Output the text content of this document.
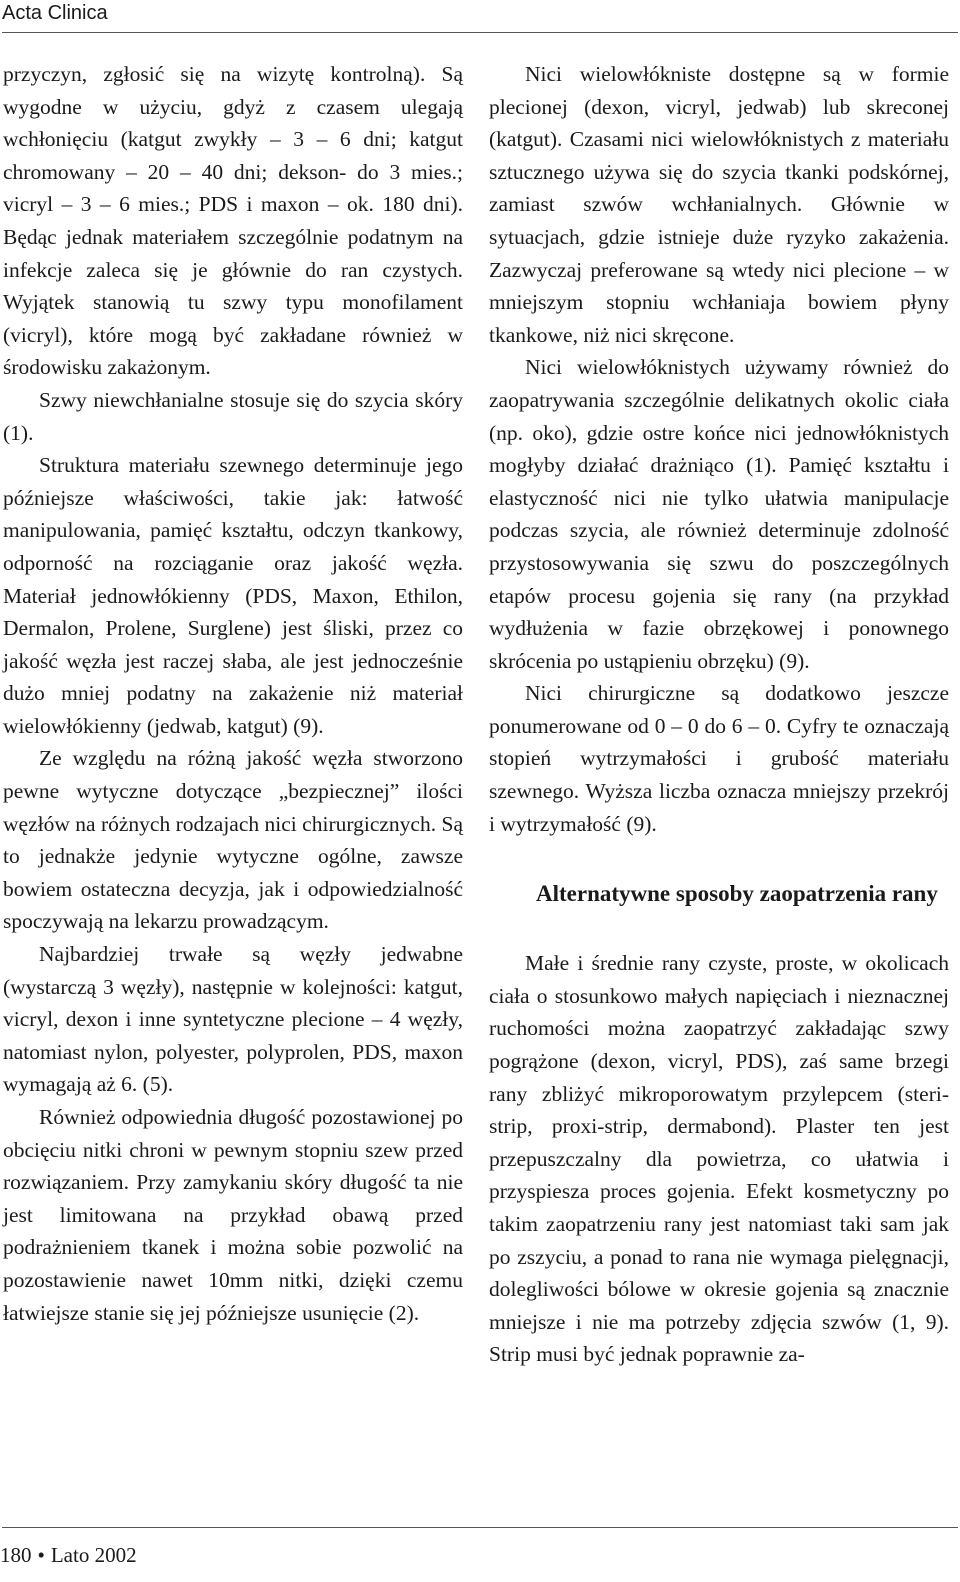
Acta Clinica

przyczyn, zgłosić się na wizytę kontrolną). Są wygodne w użyciu, gdyż z czasem ulegają wchłonięciu (katgut zwykły – 3 – 6 dni; katgut chromowany – 20 – 40 dni; dekson- do 3 mies.; vicryl – 3 – 6 mies.; PDS i maxon – ok. 180 dni). Będąc jednak materiałem szczególnie podatnym na infekcje zaleca się je głównie do ran czystych. Wyjątek stanowią tu szwy typu monofilament (vicryl), które mogą być zakładane również w środowisku zakażonym.

Szwy niewchłanialne stosuje się do szycia skóry (1).

Struktura materiału szewnego determinuje jego późniejsze właściwości, takie jak: łatwość manipulowania, pamięć kształtu, odczyn tkankowy, odporność na rozciąganie oraz jakość węzła. Materiał jednowłókienny (PDS, Maxon, Ethilon, Dermalon, Prolene, Surglene) jest śliski, przez co jakość węzła jest raczej słaba, ale jest jednocześnie dużo mniej podatny na zakażenie niż materiał wielowłókienny (jedwab, katgut) (9).

Ze względu na różną jakość węzła stworzono pewne wytyczne dotyczące „bezpiecznej” ilości węzłów na różnych rodzajach nici chirurgicznych. Są to jednakże jedynie wytyczne ogólne, zawsze bowiem ostateczna decyzja, jak i odpowiedzialność spoczywają na lekarzu prowadzącym.

Najbardziej trwałe są węzły jedwabne (wystarczą 3 węzły), następnie w kolejności: katgut, vicryl, dexon i inne syntetyczne plecione – 4 węzły, natomiast nylon, polyester, polyprolen, PDS, maxon wymagają aż 6. (5).

Również odpowiednia długość pozostawionej po obcięciu nitki chroni w pewnym stopniu szew przed rozwiązaniem. Przy zamykaniu skóry długość ta nie jest limitowana na przykład obawą przed podrażnieniem tkanek i można sobie pozwolić na pozostawienie nawet 10mm nitki, dzięki czemu łatwiejsze stanie się jej późniejsze usunięcie (2).

Nici wielowłókniste dostępne są w formie plecionej (dexon, vicryl, jedwab) lub skreconej (katgut). Czasami nici wielowłóknistych z materiału sztucznego używa się do szycia tkanki podskórnej, zamiast szwów wchłanialnych. Głównie w sytuacjach, gdzie istnieje duże ryzyko zakażenia. Zazwyczaj preferowane są wtedy nici plecione – w mniejszym stopniu wchłaniaja bowiem płyny tkankowe, niż nici skręcone.

Nici wielowłóknistych używamy również do zaopatrywania szczególnie delikatnych okolic ciała (np. oko), gdzie ostre końce nici jednowłóknistych mogłyby działać drażniąco (1). Pamięć kształtu i elastyczność nici nie tylko ułatwia manipulacje podczas szycia, ale również determinuje zdolność przystosowywania się szwu do poszczególnych etapów procesu gojenia się rany (na przykład wydłużenia w fazie obrzękowej i ponownego skrócenia po ustąpieniu obrzęku) (9).

Nici chirurgiczne są dodatkowo jeszcze ponumerowane od 0 – 0 do 6 – 0. Cyfry te oznaczają stopień wytrzymałości i grubość materiału szewnego. Wyższa liczba oznacza mniejszy przekrój i wytrzymałość (9).

Alternatywne sposoby zaopatrzenia rany

Małe i średnie rany czyste, proste, w okolicach ciała o stosunkowo małych napięciach i nieznacznej ruchomości można zaopatrzyć zakładając szwy pogrążone (dexon, vicryl, PDS), zaś same brzegi rany zbliżyć mikroporowatym przylepcem (steri-strip, proxi-strip, dermabond). Plaster ten jest przepuszczalny dla powietrza, co ułatwia i przyspiesza proces gojenia. Efekt kosmetyczny po takim zaopatrzeniu rany jest natomiast taki sam jak po zszyciu, a ponad to rana nie wymaga pielęgnacji, dolegliwości bólowe w okresie gojenia są znacznie mniejsze i nie ma potrzeby zdjęcia szwów (1, 9). Strip musi być jednak poprawnie za-

180 • Lato 2002
